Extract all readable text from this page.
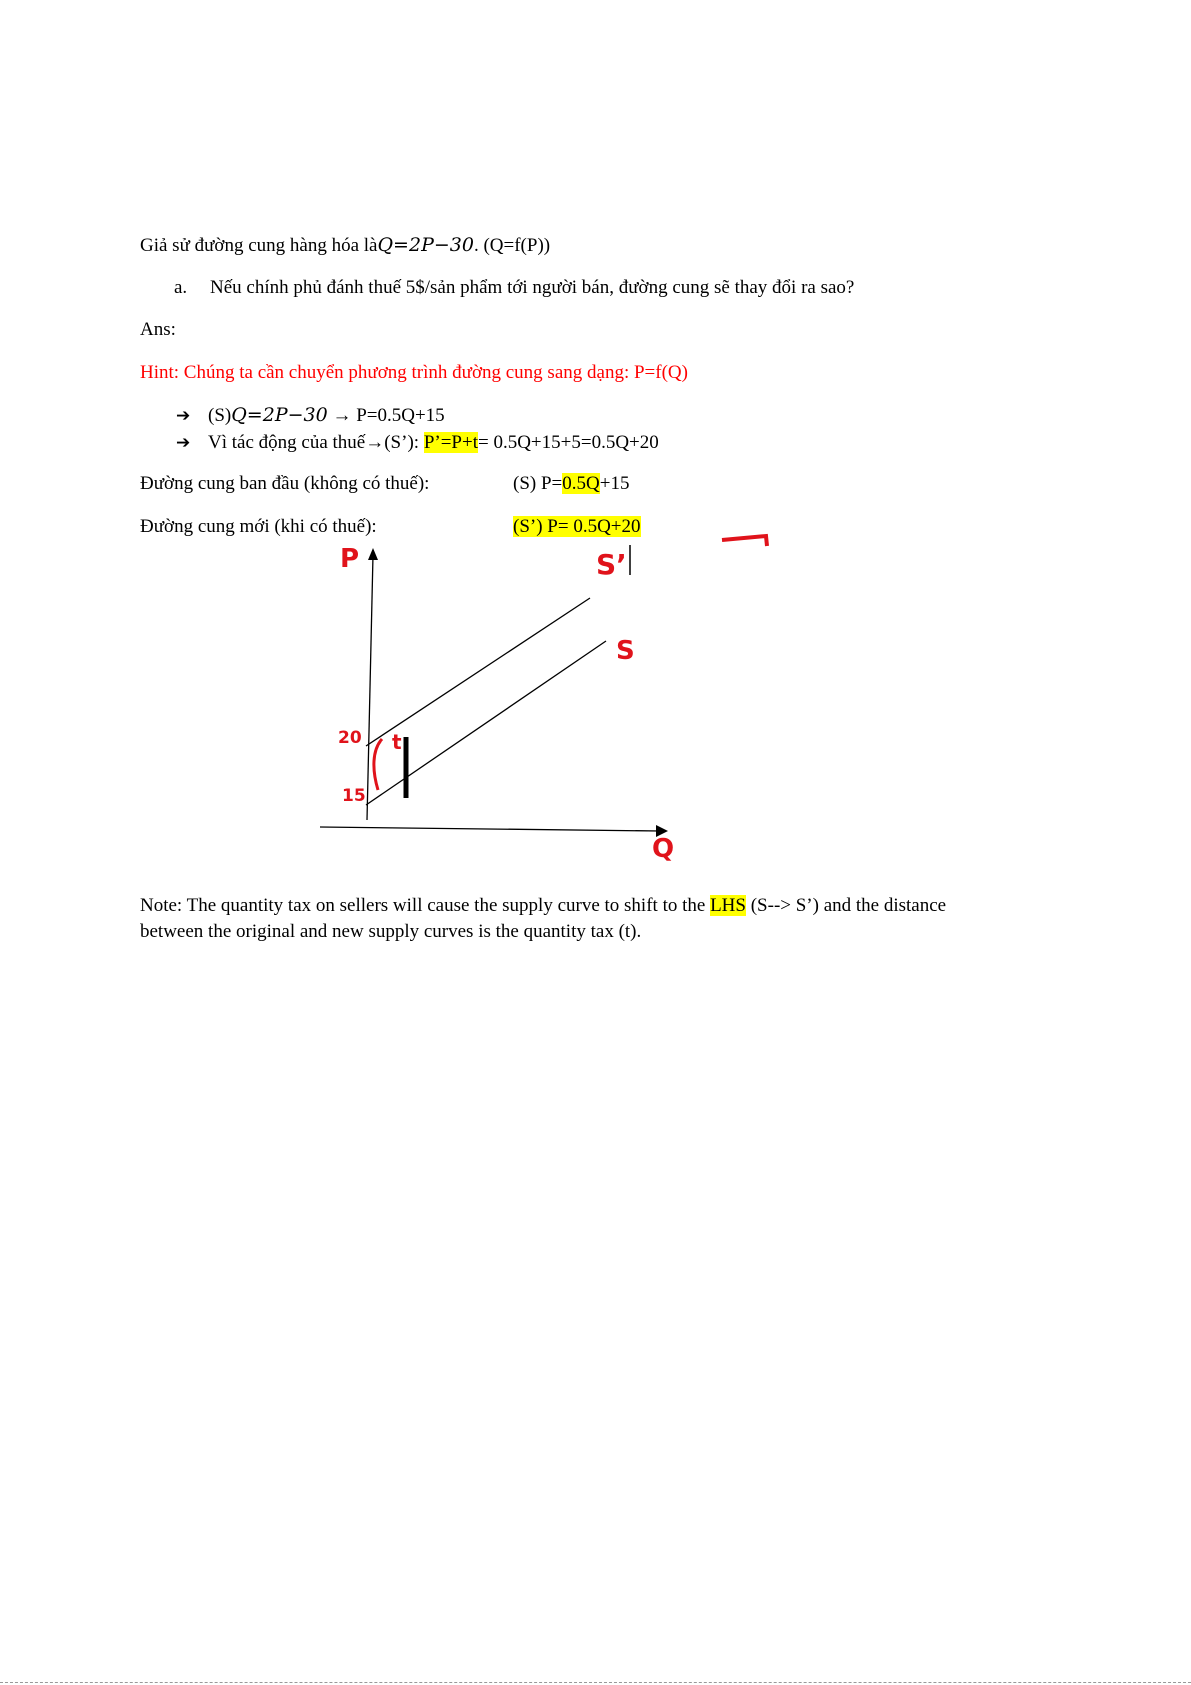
Giả sử đường cung hàng hóa làQ=2P−30. (Q=f(P))
a. Nếu chính phủ đánh thuế 5$/sản phẩm tới người bán, đường cung sẽ thay đổi ra sao?
Ans:
Hint: Chúng ta cần chuyển phương trình đường cung sang dạng: P=f(Q)
➔ (S)Q=2P−30 → P=0.5Q+15
➔ Vì tác động của thuế→(S’): P’=P+t= 0.5Q+15+5=0.5Q+20
Đường cung ban đầu (không có thuế):	(S) P=0.5Q+15
Đường cung mới (khi có thuế):	(S’) P= 0.5Q+20
P
Q
S’
S
20
15
t
Note: The quantity tax on sellers will cause the supply curve to shift to the LHS (S--> S’) and the distance
between the original and new supply curves is the quantity tax (t).
